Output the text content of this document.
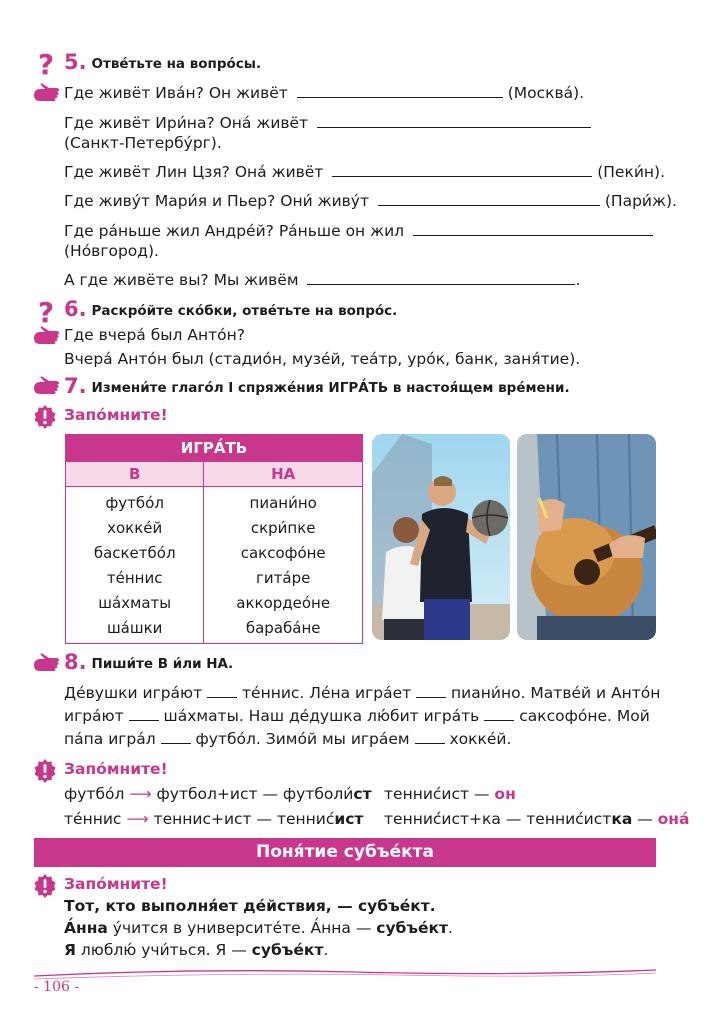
5. Отве́тьте на вопро́сы.
Где живёт Ива́н? Он живёт	(Москва́).
Где живёт Ири́на? Она́ живёт
(Санкт-Петербу́рг).
Где живёт Лин Цзя? Она́ живёт	(Пеки́н).
Где живу́т Мари́я и Пьер? Они́ живу́т	(Пари́ж).
Где ра́ньше жил Андре́й? Ра́ньше он жил
(Но́вгород).
А где живёте вы? Мы живём	.
6. Раскро́йте ско́бки, отве́тьте на вопро́с.
Где вчера́ был Анто́н?
Вчера́ Анто́н был (стадио́н, музе́й, теа́тр, уро́к, банк, заня́тие).
7. Измени́те глаго́л I спряже́ния ИГРА́ТЬ в настоя́щем вре́мени.
Запо́мните!
ИГРА́ТЬ	
В	НА

футбо́л	пиани́но
хокке́й	скри́пке
баскетбо́л	саксофо́не
те́ннис	гита́ре
ша́хматы	аккордео́не
ша́шки	бараба́не
8. Пиши́те В и́ли НА.
Де́вушки игра́ют	те́ннис. Ле́на игра́ет	пиани́но. Матве́й и Анто́н
игра́ют	ша́хматы. Наш де́душка лю́бит игра́ть	саксофо́не. Мой
па́па игра́л	футбо́л. Зимо́й мы игра́ем	хокке́й.
Запо́мните!
футбо́л ⟶ футбол+ист — футболи́ст теннис́ист — он
те́ннис ⟶ теннис+ист — теннис́ист теннис́ист+ка — теннис́истка — она́
Поня́тие субъе́кта
Запо́мните!
Тот, кто выполня́ет де́йствия, — субъе́кт.
А́нна у́чится в университе́те. А́нна — субъе́кт.
Я люблю́ учи́ться. Я — субъе́кт.
- 106 -
